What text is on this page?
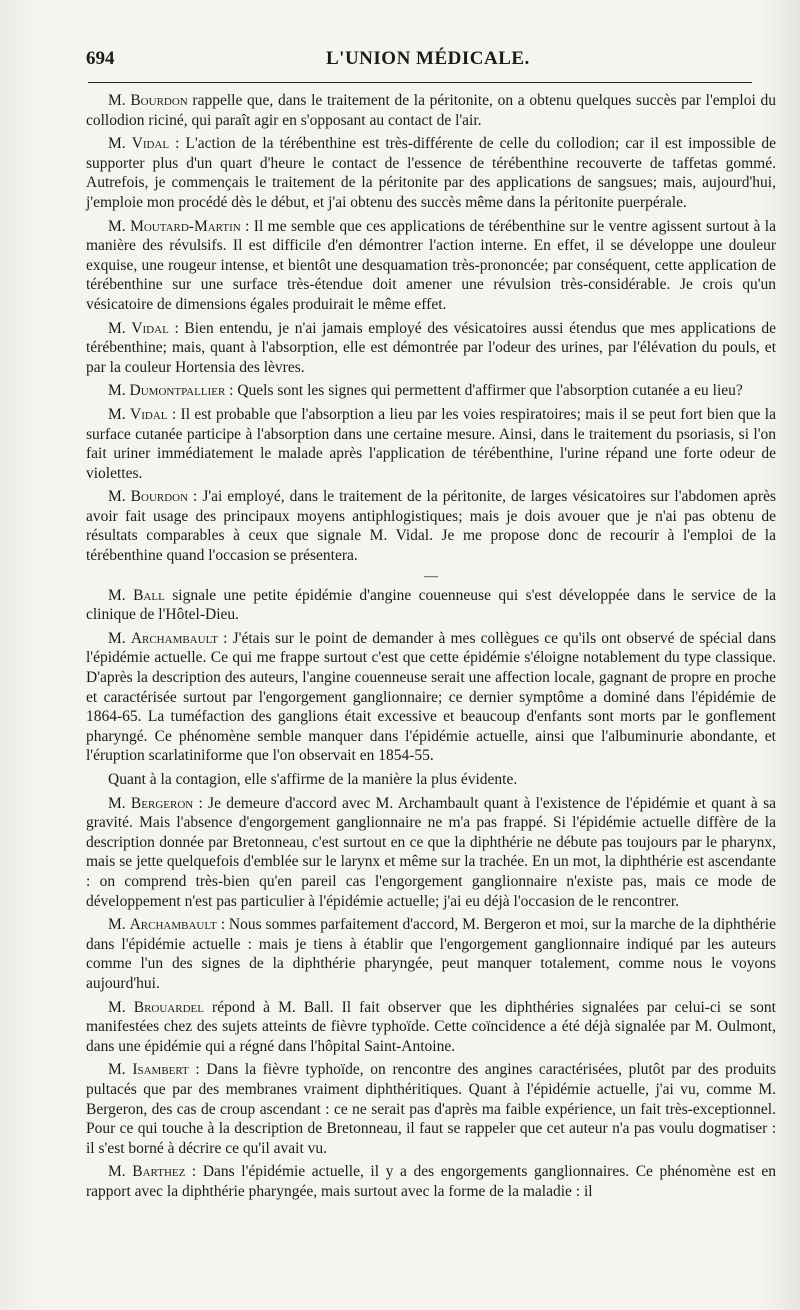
694	L'UNION MÉDICALE.

M. Bourdon rappelle que, dans le traitement de la péritonite, on a obtenu quelques succès par l'emploi du collodion riciné, qui paraît agir en s'opposant au contact de l'air.

M. Vidal : L'action de la térébenthine est très-différente de celle du collodion; car il est impossible de supporter plus d'un quart d'heure le contact de l'essence de térébenthine recouverte de taffetas gommé. Autrefois, je commençais le traitement de la péritonite par des applications de sangsues; mais, aujourd'hui, j'emploie mon procédé dès le début, et j'ai obtenu des succès même dans la péritonite puerpérale.

M. Moutard-Martin : Il me semble que ces applications de térébenthine sur le ventre agissent surtout à la manière des révulsifs. Il est difficile d'en démontrer l'action interne. En effet, il se développe une douleur exquise, une rougeur intense, et bientôt une desquamation très-prononcée; par conséquent, cette application de térébenthine sur une surface très-étendue doit amener une révulsion très-considérable. Je crois qu'un vésicatoire de dimensions égales produirait le même effet.

M. Vidal : Bien entendu, je n'ai jamais employé des vésicatoires aussi étendus que mes applications de térébenthine; mais, quant à l'absorption, elle est démontrée par l'odeur des urines, par l'élévation du pouls, et par la couleur Hortensia des lèvres.

M. Dumontpallier : Quels sont les signes qui permettent d'affirmer que l'absorption cutanée a eu lieu?

M. Vidal : Il est probable que l'absorption a lieu par les voies respiratoires; mais il se peut fort bien que la surface cutanée participe à l'absorption dans une certaine mesure. Ainsi, dans le traitement du psoriasis, si l'on fait uriner immédiatement le malade après l'application de térébenthine, l'urine répand une forte odeur de violettes.

M. Bourdon : J'ai employé, dans le traitement de la péritonite, de larges vésicatoires sur l'abdomen après avoir fait usage des principaux moyens antiphlogistiques; mais je dois avouer que je n'ai pas obtenu de résultats comparables à ceux que signale M. Vidal. Je me propose donc de recourir à l'emploi de la térébenthine quand l'occasion se présentera.

—

M. Ball signale une petite épidémie d'angine couenneuse qui s'est développée dans le service de la clinique de l'Hôtel-Dieu.

M. Archambault : J'étais sur le point de demander à mes collègues ce qu'ils ont observé de spécial dans l'épidémie actuelle. Ce qui me frappe surtout c'est que cette épidémie s'éloigne notablement du type classique. D'après la description des auteurs, l'angine couenneuse serait une affection locale, gagnant de propre en proche et caractérisée surtout par l'engorgement ganglionnaire; ce dernier symptôme a dominé dans l'épidémie de 1864-65. La tuméfaction des ganglions était excessive et beaucoup d'enfants sont morts par le gonflement pharyngé. Ce phénomène semble manquer dans l'épidémie actuelle, ainsi que l'albuminurie abondante, et l'éruption scarlatiniforme que l'on observait en 1854-55.

Quant à la contagion, elle s'affirme de la manière la plus évidente.

M. Bergeron : Je demeure d'accord avec M. Archambault quant à l'existence de l'épidémie et quant à sa gravité. Mais l'absence d'engorgement ganglionnaire ne m'a pas frappé. Si l'épidémie actuelle diffère de la description donnée par Bretonneau, c'est surtout en ce que la diphthérie ne débute pas toujours par le pharynx, mais se jette quelquefois d'emblée sur le larynx et même sur la trachée. En un mot, la diphthérie est ascendante : on comprend très-bien qu'en pareil cas l'engorgement ganglionnaire n'existe pas, mais ce mode de développement n'est pas particulier à l'épidémie actuelle; j'ai eu déjà l'occasion de le rencontrer.

M. Archambault : Nous sommes parfaitement d'accord, M. Bergeron et moi, sur la marche de la diphthérie dans l'épidémie actuelle : mais je tiens à établir que l'engorgement ganglionnaire indiqué par les auteurs comme l'un des signes de la diphthérie pharyngée, peut manquer totalement, comme nous le voyons aujourd'hui.

M. Brouardel répond à M. Ball. Il fait observer que les diphthéries signalées par celui-ci se sont manifestées chez des sujets atteints de fièvre typhoïde. Cette coïncidence a été déjà signalée par M. Oulmont, dans une épidémie qui a régné dans l'hôpital Saint-Antoine.

M. Isambert : Dans la fièvre typhoïde, on rencontre des angines caractérisées, plutôt par des produits pultacés que par des membranes vraiment diphthéritiques. Quant à l'épidémie actuelle, j'ai vu, comme M. Bergeron, des cas de croup ascendant : ce ne serait pas d'après ma faible expérience, un fait très-exceptionnel. Pour ce qui touche à la description de Bretonneau, il faut se rappeler que cet auteur n'a pas voulu dogmatiser : il s'est borné à décrire ce qu'il avait vu.

M. Barthez : Dans l'épidémie actuelle, il y a des engorgements ganglionnaires. Ce phénomène est en rapport avec la diphthérie pharyngée, mais surtout avec la forme de la maladie : il
